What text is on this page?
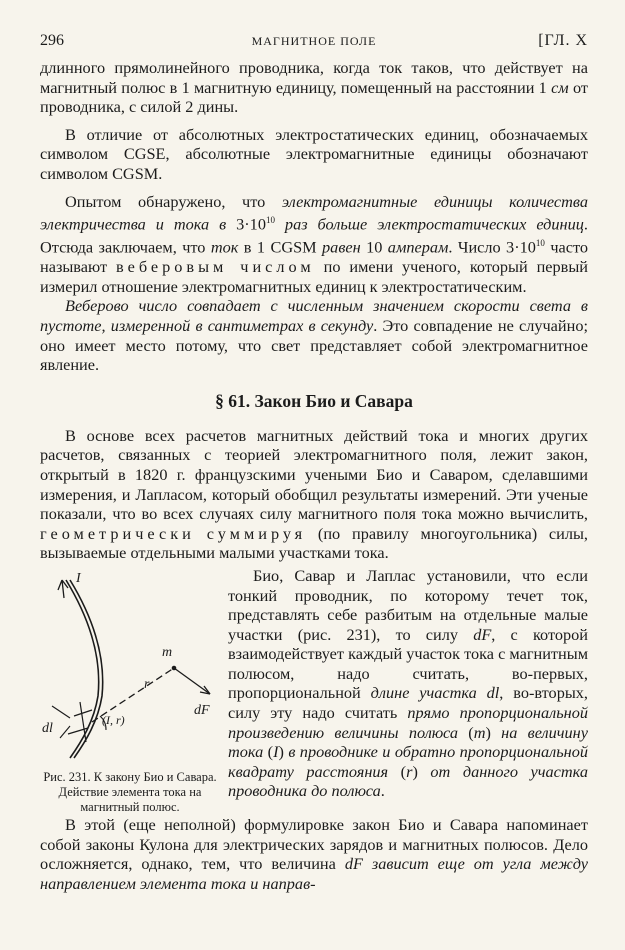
296	МАГНИТНОЕ ПОЛЕ	[ГЛ. X

длинного прямолинейного проводника, когда ток таков, что действует на магнитный полюс в 1 магнитную единицу, помещенный на расстоянии 1 см от проводника, с силой 2 дины.

В отличие от абсолютных электростатических единиц, обозначаемых символом CGSE, абсолютные электромагнитные единицы обозначают символом CGSM.

Опытом обнаружено, что электромагнитные единицы количества электричества и тока в $3\cdot 10^{10}$ раз больше электростатических единиц. Отсюда заключаем, что ток в 1 CGSM равен 10 амперам. Число $3\cdot 10^{10}$ часто называют веберовым числом по имени ученого, который первый измерил отношение электромагнитных единиц к электростатическим.

Веберово число совпадает с численным значением скорости света в пустоте, измеренной в сантиметрах в секунду. Это совпадение не случайно; оно имеет место потому, что свет представляет собой электромагнитное явление.

§ 61. Закон Био и Савара

В основе всех расчетов магнитных действий тока и многих других расчетов, связанных с теорией электромагнитного поля, лежит закон, открытый в 1820 г. французскими учеными Био и Саваром, сделавшими измерения, и Лапласом, который обобщил результаты измерений. Эти ученые показали, что во всех случаях силу магнитного поля тока можно вычислить, геометрически суммируя (по правилу многоугольника) силы, вызываемые отдельными малыми участками тока.

I
m
r
dF
dl
(I, r)
Рис. 231. К закону Био и Савара. Действие элемента тока на магнитный полюс.

Био, Савар и Лаплас установили, что если тонкий проводник, по которому течет ток, представлять себе разбитым на отдельные малые участки (рис. 231), то силу dF, с которой взаимодействует каждый участок тока с магнитным полюсом, надо считать, во-первых, пропорциональной длине участка dl, во-вторых, силу эту надо считать прямо пропорциональной произведению величины полюса (m) на величину тока (I) в проводнике и обратно пропорциональной квадрату расстояния (r) от данного участка проводника до полюса.

В этой (еще неполной) формулировке закон Био и Савара напоминает собой законы Кулона для электрических зарядов и магнитных полюсов. Дело осложняется, однако, тем, что величина dF зависит еще от угла между направлением элемента тока и направ-
